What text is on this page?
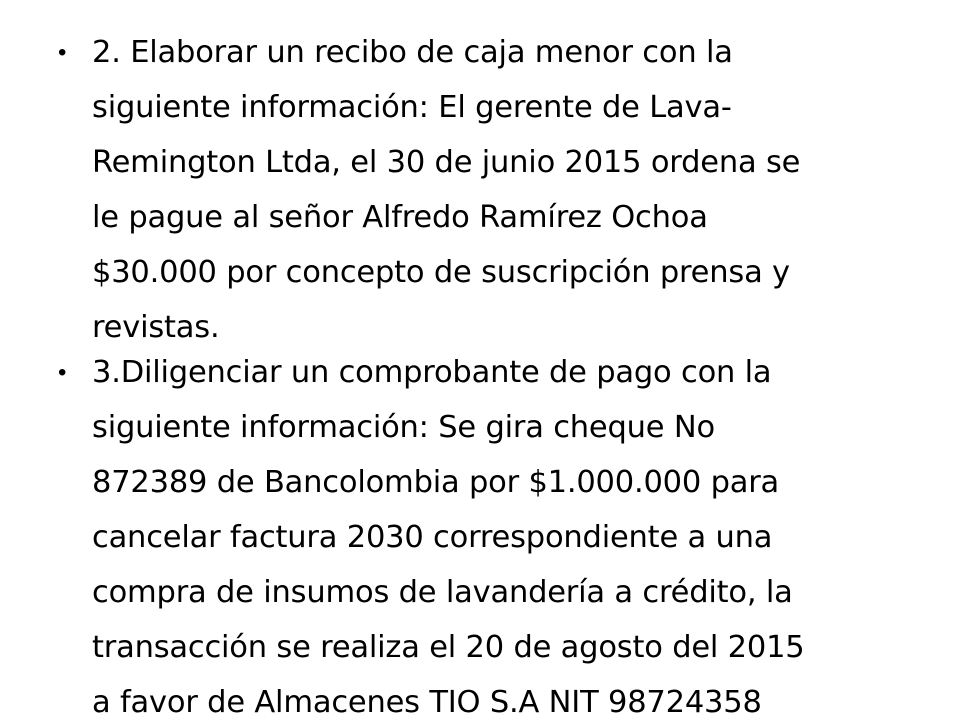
• 2. Elaborar un recibo de caja menor con la
siguiente información: El gerente de Lava-
Remington Ltda, el 30 de junio 2015 ordena se
le pague al señor Alfredo Ramírez Ochoa
$30.000 por concepto de suscripción prensa y
revistas.
• 3.Diligenciar un comprobante de pago con la
siguiente información: Se gira cheque No
872389 de Bancolombia por $1.000.000 para
cancelar factura 2030 correspondiente a una
compra de insumos de lavandería a crédito, la
transacción se realiza el 20 de agosto del 2015
a favor de Almacenes TIO S.A NIT 98724358
